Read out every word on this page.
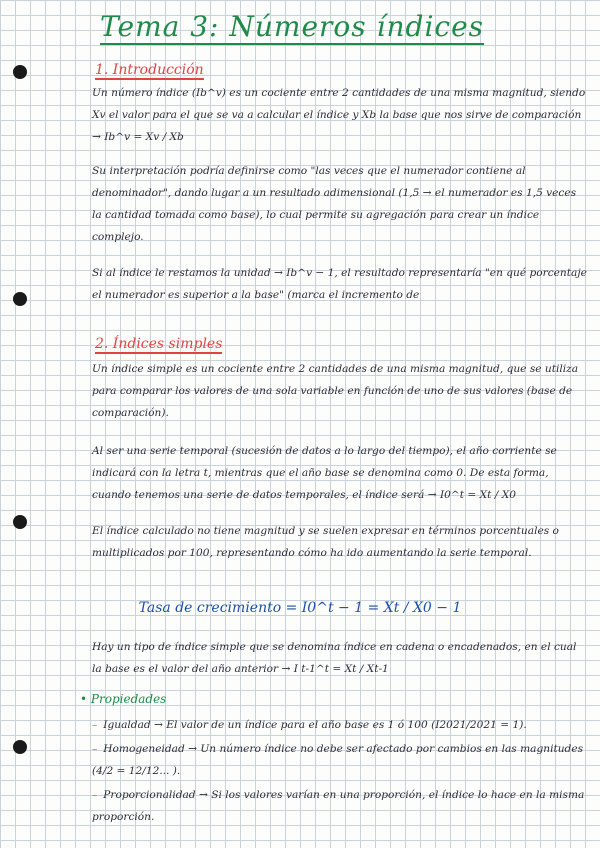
Tema 3: Números índices
1. Introducción
Un número índice (Ib^v) es un cociente entre 2 cantidades de una misma magnitud, siendo Xv el valor para el que se va a calcular el índice y Xb la base que nos sirve de comparación → Ib^v = Xv / Xb
Su interpretación podría definirse como "las veces que el numerador contiene al denominador", dando lugar a un resultado adimensional (1,5 → el numerador es 1,5 veces la cantidad tomada como base), lo cual permite su agregación para crear un índice complejo.
Si al índice le restamos la unidad → Ib^v − 1, el resultado representaría "en qué porcentaje el numerador es superior a la base" (marca el incremento de
2. Índices simples
Un índice simple es un cociente entre 2 cantidades de una misma magnitud, que se utiliza para comparar los valores de una sola variable en función de uno de sus valores (base de comparación).
Al ser una serie temporal (sucesión de datos a lo largo del tiempo), el año corriente se indicará con la letra t, mientras que el año base se denomina como 0. De esta forma, cuando tenemos una serie de datos temporales, el índice será → I0^t = Xt / X0
El índice calculado no tiene magnitud y se suelen expresar en términos porcentuales o multiplicados por 100, representando cómo ha ido aumentando la serie temporal.
Tasa de crecimiento = I0^t − 1 = Xt / X0 − 1
Hay un tipo de índice simple que se denomina índice en cadena o encadenados, en el cual la base es el valor del año anterior → I t-1^t = Xt / Xt-1
• Propiedades
– Igualdad → El valor de un índice para el año base es 1 ó 100 (I2021/2021 = 1).
– Homogeneidad → Un número índice no debe ser afectado por cambios en las magnitudes (4/2 = 12/12... ).
– Proporcionalidad → Si los valores varían en una proporción, el índice lo hace en la misma proporción.
